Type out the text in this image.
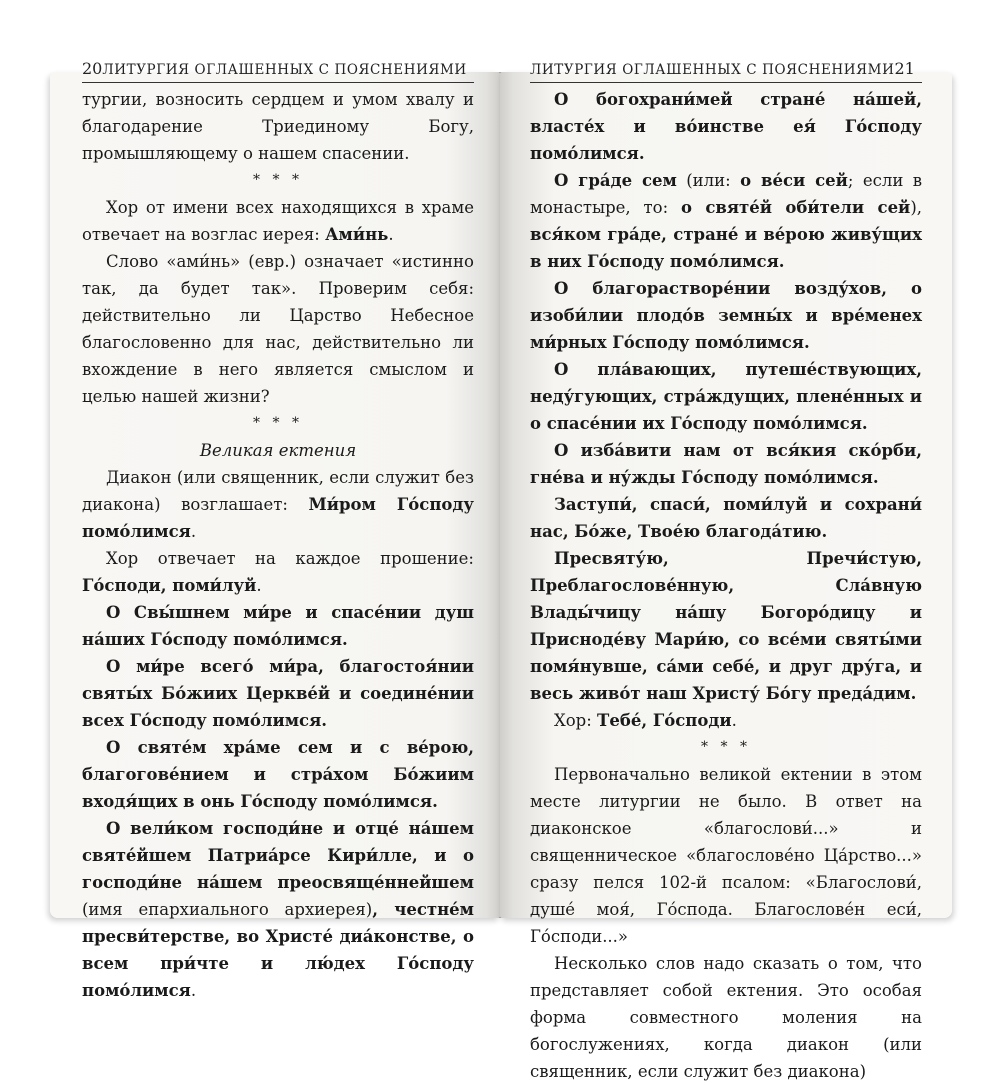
20 ЛИТУРГИЯ ОГЛАШЕННЫХ С ПОЯСНЕНИЯМИ

тургии, возносить сердцем и умом хвалу и благодарение Триединому Богу, промышляющему о нашем спасении.

* * *

Хор от имени всех находящихся в храме отвечает на возглас иерея: Ами́нь.

Слово «ами́нь» (евр.) означает «истинно так, да будет так». Проверим себя: действительно ли Царство Небесное благословенно для нас, действительно ли вхождение в него является смыслом и целью нашей жизни?

* * *

Великая ектения

Диакон (или священник, если служит без диакона) возглашает: Ми́ром Го́споду помо́лимся.

Хор отвечает на каждое прошение: Го́споди, поми́луй.

О Свы́шнем ми́ре и спасе́нии душ на́ших Го́споду помо́лимся.

О ми́ре всего́ ми́ра, благостоя́нии святы́х Бо́жиих Церкве́й и соедине́нии всех Го́споду помо́лимся.

О святе́м хра́ме сем и с ве́рою, благогове́нием и стра́хом Бо́жиим входя́щих в онь Го́споду помо́лимся.

О вели́ком господи́не и отце́ на́шем святе́йшем Патриа́рсе Кири́лле, и о господи́не на́шем преосвяще́ннейшем (имя епархиального архиерея), честне́м пресви́терстве, во Христе́ диа́констве, о всем при́чте и лю́дех Го́споду помо́лимся.

ЛИТУРГИЯ ОГЛАШЕННЫХ С ПОЯСНЕНИЯМИ 21

О богохрани́мей стране́ на́шей, власте́х и во́инстве ея́ Го́споду помо́лимся.

О гра́де сем (или: о ве́си сей; если в монастыре, то: о святе́й оби́тели сей), вся́ком гра́де, стране́ и ве́рою живу́щих в них Го́споду помо́лимся.

О благорастворе́нии возду́хов, о изоби́лии плодо́в земны́х и вре́менех ми́рных Го́споду помо́лимся.

О пла́вающих, путеше́ствующих, неду́гующих, стра́ждущих, плене́нных и о спасе́нии их Го́споду помо́лимся.

О изба́вити нам от вся́кия ско́рби, гне́ва и ну́жды Го́споду помо́лимся.

Заступи́, спаси́, поми́луй и сохрани́ нас, Бо́же, Твое́ю благода́тию.

Пресвяту́ю, Пречи́стую, Преблагослове́нную, Сла́вную Влады́чицу на́шу Богоро́дицу и Присноде́ву Мари́ю, со все́ми святы́ми помя́нувше, са́ми себе́, и друг дру́га, и весь живо́т наш Христу́ Бо́гу преда́дим.

Хор: Тебе́, Го́споди.

* * *

Первоначально великой ектении в этом месте литургии не было. В ответ на диаконское «благослови́...» и священническое «благослове́но Ца́рство...» сразу пелся 102-й псалом: «Благослови́, душе́ моя́, Го́спода. Благослове́н еси́, Го́споди...»

Несколько слов надо сказать о том, что представляет собой ектения. Это особая форма совместного моления на богослужениях, когда диакон (или священник, если служит без диакона)
